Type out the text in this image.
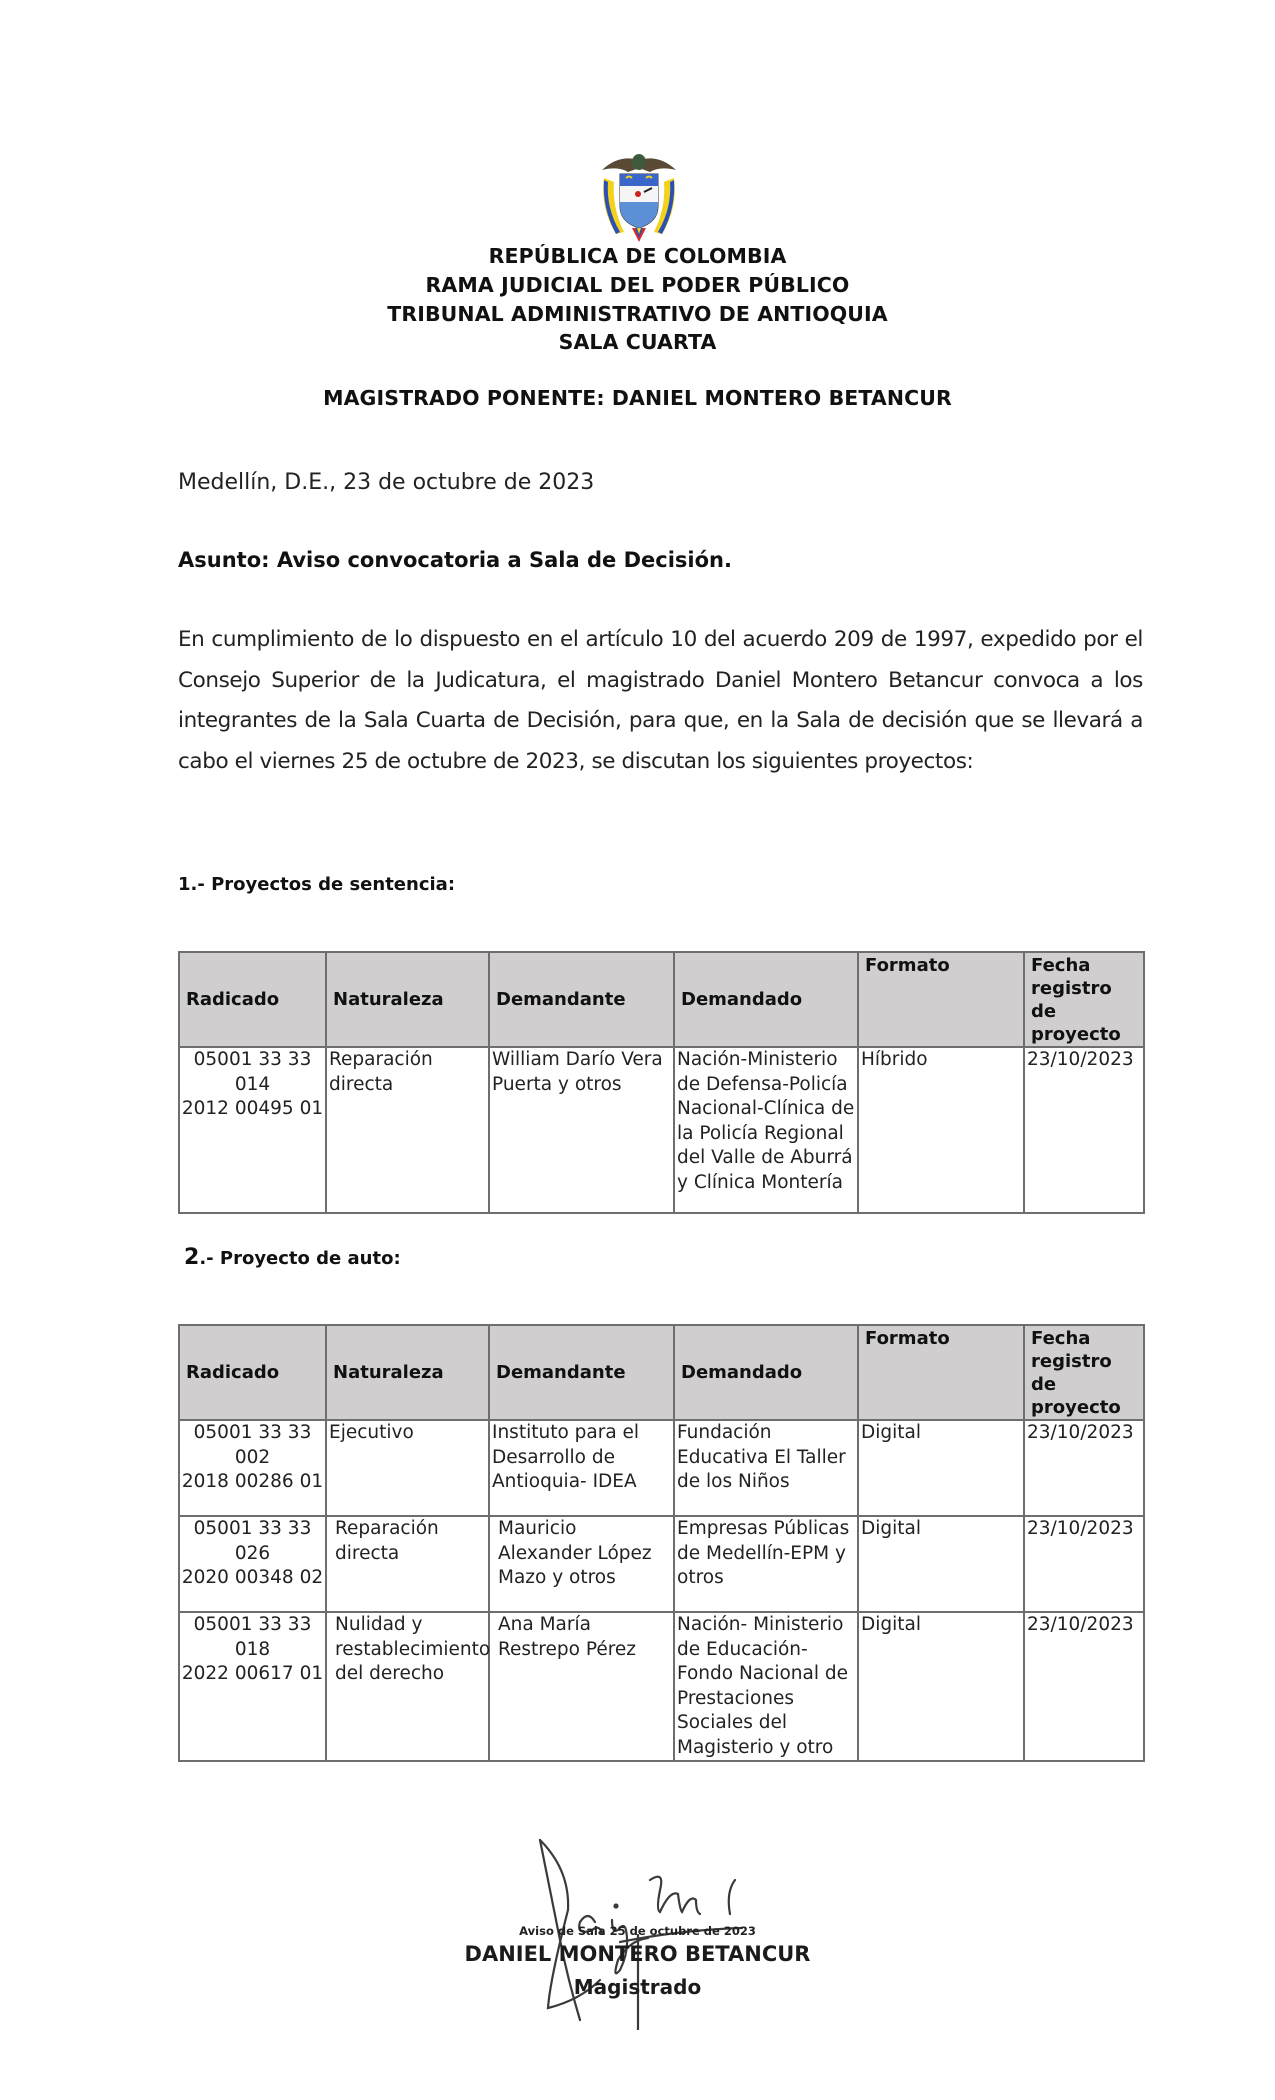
REPÚBLICA DE COLOMBIA
RAMA JUDICIAL DEL PODER PÚBLICO
TRIBUNAL ADMINISTRATIVO DE ANTIOQUIA
SALA CUARTA
MAGISTRADO PONENTE: DANIEL MONTERO BETANCUR
Medellín, D.E., 23 de octubre de 2023
Asunto: Aviso convocatoria a Sala de Decisión.
En cumplimiento de lo dispuesto en el artículo 10 del acuerdo 209 de 1997, expedido por el Consejo Superior de la Judicatura, el magistrado Daniel Montero Betancur convoca a los integrantes de la Sala Cuarta de Decisión, para que, en la Sala de decisión que se llevará a cabo el viernes 25 de octubre de 2023, se discutan los siguientes proyectos:
1.- Proyectos de sentencia:
Radicado	Naturaleza	Demandante	Demandado	Formato	Fecha registro de proyecto

05001 33 33 014
2012 00495 01	Reparación directa	William Darío Vera Puerta y otros	Nación-Ministerio de Defensa-Policía Nacional-Clínica de la Policía Regional del Valle de Aburrá y Clínica Montería	Híbrido	23/10/2023
2.- Proyecto de auto:
Radicado	Naturaleza	Demandante	Demandado	Formato	Fecha registro de proyecto

05001 33 33 002
2018 00286 01	Ejecutivo	Instituto para el Desarrollo de Antioquia- IDEA	Fundación Educativa El Taller de los Niños	Digital	23/10/2023

05001 33 33 026
2020 00348 02	Reparación directa	Mauricio Alexander López Mazo y otros	Empresas Públicas de Medellín-EPM y otros	Digital	23/10/2023

05001 33 33 018
2022 00617 01	Nulidad y restablecimiento del derecho	Ana María Restrepo Pérez	Nación- Ministerio de Educación-Fondo Nacional de Prestaciones Sociales del Magisterio y otro	Digital	23/10/2023
Aviso de Sala 25 de octubre de 2023
DANIEL MONTERO BETANCUR
Magistrado
